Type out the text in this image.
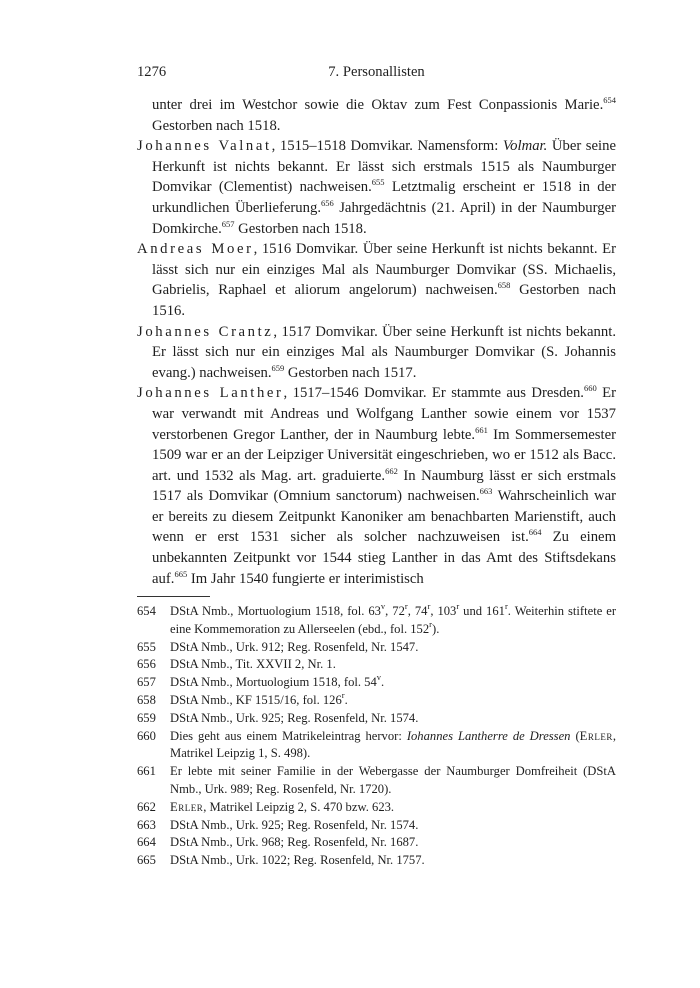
1276	7. Personallisten
unter drei im Westchor sowie die Oktav zum Fest Conpassionis Marie.$^{654}$ Gestorben nach 1518.
Johannes Valnat, 1515–1518 Domvikar. Namensform: Volmar. Über seine Herkunft ist nichts bekannt. Er lässt sich erstmals 1515 als Naumburger Domvikar (Clementist) nachweisen.$^{655}$ Letztmalig erscheint er 1518 in der urkundlichen Überlieferung.$^{656}$ Jahrgedächtnis (21. April) in der Naumburger Domkirche.$^{657}$ Gestorben nach 1518.
Andreas Moer, 1516 Domvikar. Über seine Herkunft ist nichts bekannt. Er lässt sich nur ein einziges Mal als Naumburger Domvikar (SS. Michaelis, Gabrielis, Raphael et aliorum angelorum) nachweisen.$^{658}$ Gestorben nach 1516.
Johannes Crantz, 1517 Domvikar. Über seine Herkunft ist nichts bekannt. Er lässt sich nur ein einziges Mal als Naumburger Domvikar (S. Johannis evang.) nachweisen.$^{659}$ Gestorben nach 1517.
Johannes Lanther, 1517–1546 Domvikar. Er stammte aus Dresden.$^{660}$ Er war verwandt mit Andreas und Wolfgang Lanther sowie einem vor 1537 verstorbenen Gregor Lanther, der in Naumburg lebte.$^{661}$ Im Sommersemester 1509 war er an der Leipziger Universität eingeschrieben, wo er 1512 als Bacc. art. und 1532 als Mag. art. graduierte.$^{662}$ In Naumburg lässt er sich erstmals 1517 als Domvikar (Omnium sanctorum) nachweisen.$^{663}$ Wahrscheinlich war er bereits zu diesem Zeitpunkt Kanoniker am benachbarten Marienstift, auch wenn er erst 1531 sicher als solcher nachzuweisen ist.$^{664}$ Zu einem unbekannten Zeitpunkt vor 1544 stieg Lanther in das Amt des Stiftsdekans auf.$^{665}$ Im Jahr 1540 fungierte er interimistisch
654 DStA Nmb., Mortuologium 1518, fol. 63$^v$, 72$^r$, 74$^r$, 103$^r$ und 161$^r$. Weiterhin stiftete er eine Kommemoration zu Allerseelen (ebd., fol. 152$^r$).
655 DStA Nmb., Urk. 912; Reg. Rosenfeld, Nr. 1547.
656 DStA Nmb., Tit. XXVII 2, Nr. 1.
657 DStA Nmb., Mortuologium 1518, fol. 54$^v$.
658 DStA Nmb., KF 1515/16, fol. 126$^r$.
659 DStA Nmb., Urk. 925; Reg. Rosenfeld, Nr. 1574.
660 Dies geht aus einem Matrikeleintrag hervor: Iohannes Lantherre de Dressen (Erler, Matrikel Leipzig 1, S. 498).
661 Er lebte mit seiner Familie in der Webergasse der Naumburger Domfreiheit (DStA Nmb., Urk. 989; Reg. Rosenfeld, Nr. 1720).
662 Erler, Matrikel Leipzig 2, S. 470 bzw. 623.
663 DStA Nmb., Urk. 925; Reg. Rosenfeld, Nr. 1574.
664 DStA Nmb., Urk. 968; Reg. Rosenfeld, Nr. 1687.
665 DStA Nmb., Urk. 1022; Reg. Rosenfeld, Nr. 1757.
